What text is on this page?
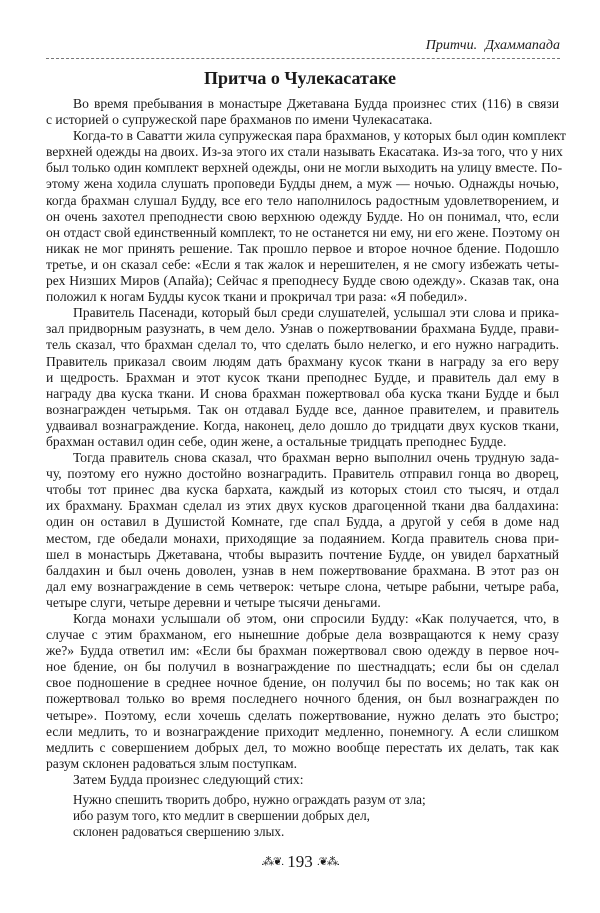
Притчи. Дхаммапада
Притча о Чулекасатаке
Во время пребывания в монастыре Джетавана Будда произнес стих (116) в связи
с историей о супружеской паре брахманов по имени Чулекасатака.
Когда-то в Саватти жила супружеская пара брахманов, у которых был один комплект
верхней одежды на двоих. Из-за этого их стали называть Екасатака. Из-за того, что у них
был только один комплект верхней одежды, они не могли выходить на улицу вместе. По-
этому жена ходила слушать проповеди Будды днем, а муж — ночью. Однажды ночью,
когда брахман слушал Будду, все его тело наполнилось радостным удовлетворением, и
он очень захотел преподнести свою верхнюю одежду Будде. Но он понимал, что, если
он отдаст свой единственный комплект, то не останется ни ему, ни его жене. Поэтому он
никак не мог принять решение. Так прошло первое и второе ночное бдение. Подошло
третье, и он сказал себе: «Если я так жалок и нерешителен, я не смогу избежать четы-
рех Низших Миров (Апайа); Сейчас я преподнесу Будде свою одежду». Сказав так, она
положил к ногам Будды кусок ткани и прокричал три раза: «Я победил».
Правитель Пасенади, который был среди слушателей, услышал эти слова и прика-
зал придворным разузнать, в чем дело. Узнав о пожертвовании брахмана Будде, прави-
тель сказал, что брахман сделал то, что сделать было нелегко, и его нужно наградить.
Правитель приказал своим людям дать брахману кусок ткани в награду за его веру
и щедрость. Брахман и этот кусок ткани преподнес Будде, и правитель дал ему в
награду два куска ткани. И снова брахман пожертвовал оба куска ткани Будде и был
вознагражден четырьмя. Так он отдавал Будде все, данное правителем, и правитель
удваивал вознаграждение. Когда, наконец, дело дошло до тридцати двух кусков ткани,
брахман оставил один себе, один жене, а остальные тридцать преподнес Будде.
Тогда правитель снова сказал, что брахман верно выполнил очень трудную зада-
чу, поэтому его нужно достойно вознаградить. Правитель отправил гонца во дворец,
чтобы тот принес два куска бархата, каждый из которых стоил сто тысяч, и отдал
их брахману. Брахман сделал из этих двух кусков драгоценной ткани два балдахина:
один он оставил в Душистой Комнате, где спал Будда, а другой у себя в доме над
местом, где обедали монахи, приходящие за подаянием. Когда правитель снова при-
шел в монастырь Джетавана, чтобы выразить почтение Будде, он увидел бархатный
балдахин и был очень доволен, узнав в нем пожертвование брахмана. В этот раз он
дал ему вознаграждение в семь четверок: четыре слона, четыре рабыни, четыре раба,
четыре слуги, четыре деревни и четыре тысячи деньгами.
Когда монахи услышали об этом, они спросили Будду: «Как получается, что, в
случае с этим брахманом, его нынешние добрые дела возвращаются к нему сразу
же?» Будда ответил им: «Если бы брахман пожертвовал свою одежду в первое ноч-
ное бдение, он бы получил в вознаграждение по шестнадцать; если бы он сделал
свое подношение в среднее ночное бдение, он получил бы по восемь; но так как он
пожертвовал только во время последнего ночного бдения, он был вознагражден по
четыре». Поэтому, если хочешь сделать пожертвование, нужно делать это быстро;
если медлить, то и вознаграждение приходит медленно, понемногу. А если слишком
медлить с совершением добрых дел, то можно вообще перестать их делать, так как
разум склонен радоваться злым поступкам.
Затем Будда произнес следующий стих:
Нужно спешить творить добро, нужно ограждать разум от зла;
ибо разум того, кто медлит в свершении добрых дел,
склонен радоваться свершению злых.
.⁂❦. 193 .❦⁂.
